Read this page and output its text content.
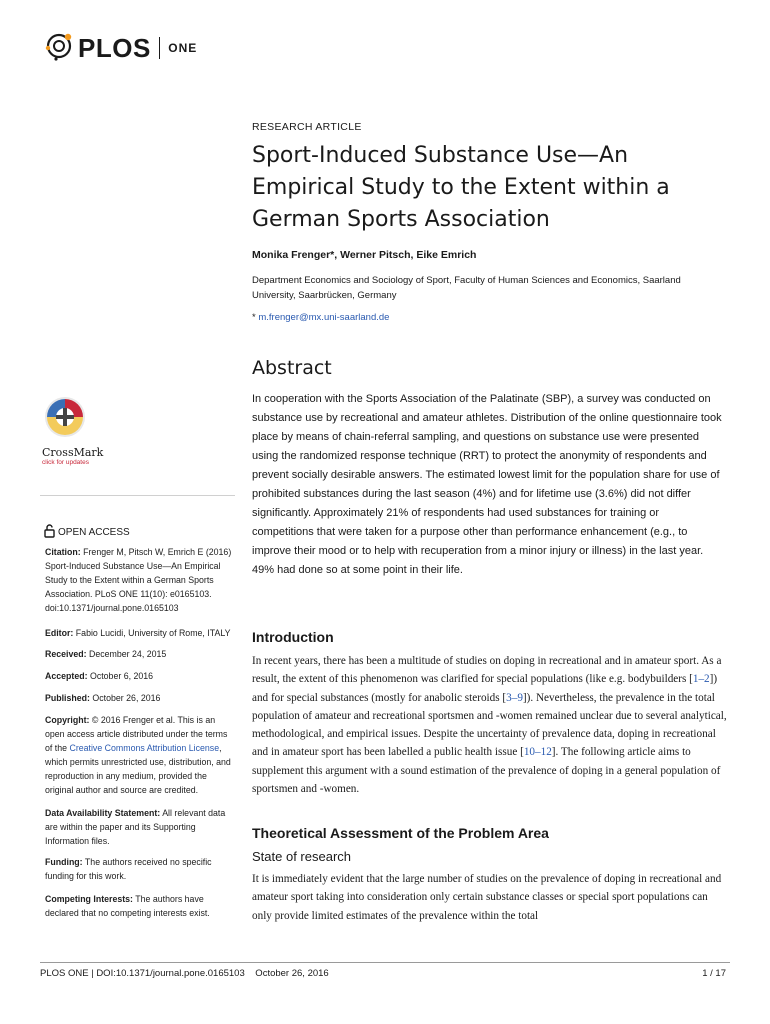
PLOS ONE
RESEARCH ARTICLE
Sport-Induced Substance Use—An Empirical Study to the Extent within a German Sports Association
Monika Frenger*, Werner Pitsch, Eike Emrich
Department Economics and Sociology of Sport, Faculty of Human Sciences and Economics, Saarland University, Saarbrücken, Germany
* m.frenger@mx.uni-saarland.de
Abstract
In cooperation with the Sports Association of the Palatinate (SBP), a survey was conducted on substance use by recreational and amateur athletes. Distribution of the online questionnaire took place by means of chain-referral sampling, and questions on substance use were presented using the randomized response technique (RRT) to protect the anonymity of respondents and prevent socially desirable answers. The estimated lowest limit for the population share for use of prohibited substances during the last season (4%) and for lifetime use (3.6%) did not differ significantly. Approximately 21% of respondents had used substances for training or competitions that were taken for a purpose other than performance enhancement (e.g., to improve their mood or to help with recuperation from a minor injury or illness) in the last year. 49% had done so at some point in their life.
CrossMark
click for updates
OPEN ACCESS
Citation: Frenger M, Pitsch W, Emrich E (2016) Sport-Induced Substance Use—An Empirical Study to the Extent within a German Sports Association. PLoS ONE 11(10): e0165103. doi:10.1371/journal.pone.0165103
Editor: Fabio Lucidi, University of Rome, ITALY
Received: December 24, 2015
Accepted: October 6, 2016
Published: October 26, 2016
Copyright: © 2016 Frenger et al. This is an open access article distributed under the terms of the Creative Commons Attribution License, which permits unrestricted use, distribution, and reproduction in any medium, provided the original author and source are credited.
Data Availability Statement: All relevant data are within the paper and its Supporting Information files.
Funding: The authors received no specific funding for this work.
Competing Interests: The authors have declared that no competing interests exist.
Introduction
In recent years, there has been a multitude of studies on doping in recreational and in amateur sport. As a result, the extent of this phenomenon was clarified for special populations (like e.g. bodybuilders [1–2]) and for special substances (mostly for anabolic steroids [3–9]). Nevertheless, the prevalence in the total population of amateur and recreational sportsmen and -women remained unclear due to several analytical, methodological, and empirical issues. Despite the uncertainty of prevalence data, doping in recreational and in amateur sport has been labelled a public health issue [10–12]. The following article aims to supplement this argument with a sound estimation of the prevalence of doping in a general population of sportsmen and -women.
Theoretical Assessment of the Problem Area
State of research
It is immediately evident that the large number of studies on the prevalence of doping in recreational and amateur sport taking into consideration only certain substance classes or special sport populations can only provide limited estimates of the prevalence within the total
PLOS ONE | DOI:10.1371/journal.pone.0165103    October 26, 2016	1 / 17
